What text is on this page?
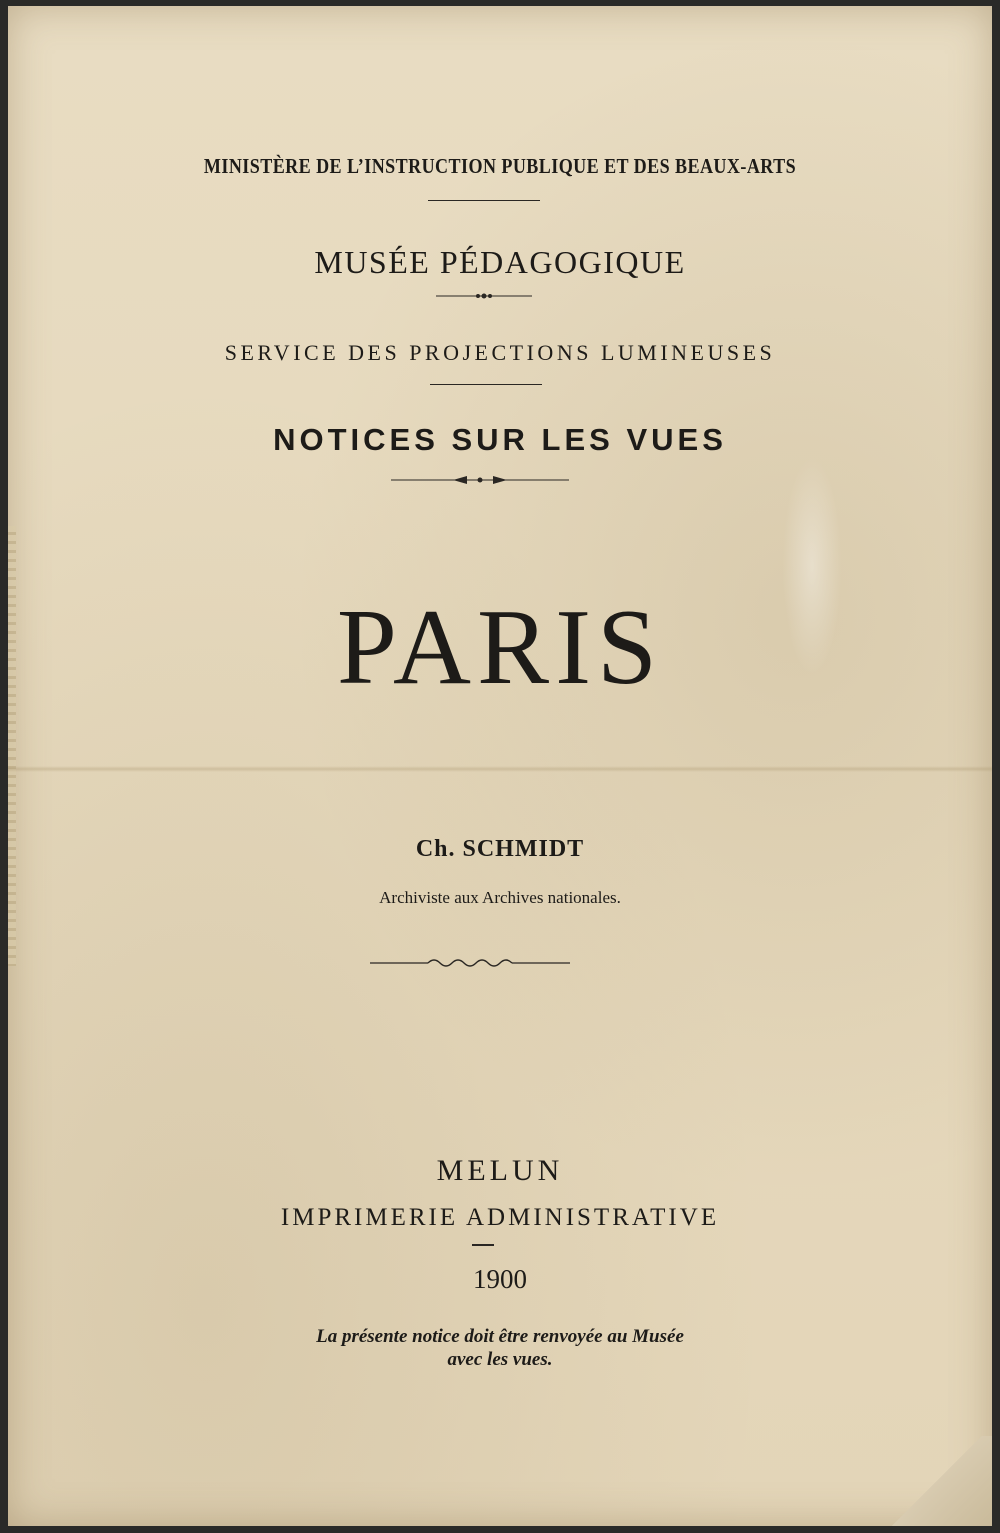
MINISTÈRE DE L’INSTRUCTION PUBLIQUE ET DES BEAUX-ARTS
MUSÉE PÉDAGOGIQUE
SERVICE DES PROJECTIONS LUMINEUSES
NOTICES SUR LES VUES
PARIS
Ch. SCHMIDT
Archiviste aux Archives nationales.
MELUN
IMPRIMERIE ADMINISTRATIVE
1900
La présente notice doit être renvoyée au Musée
avec les vues.
